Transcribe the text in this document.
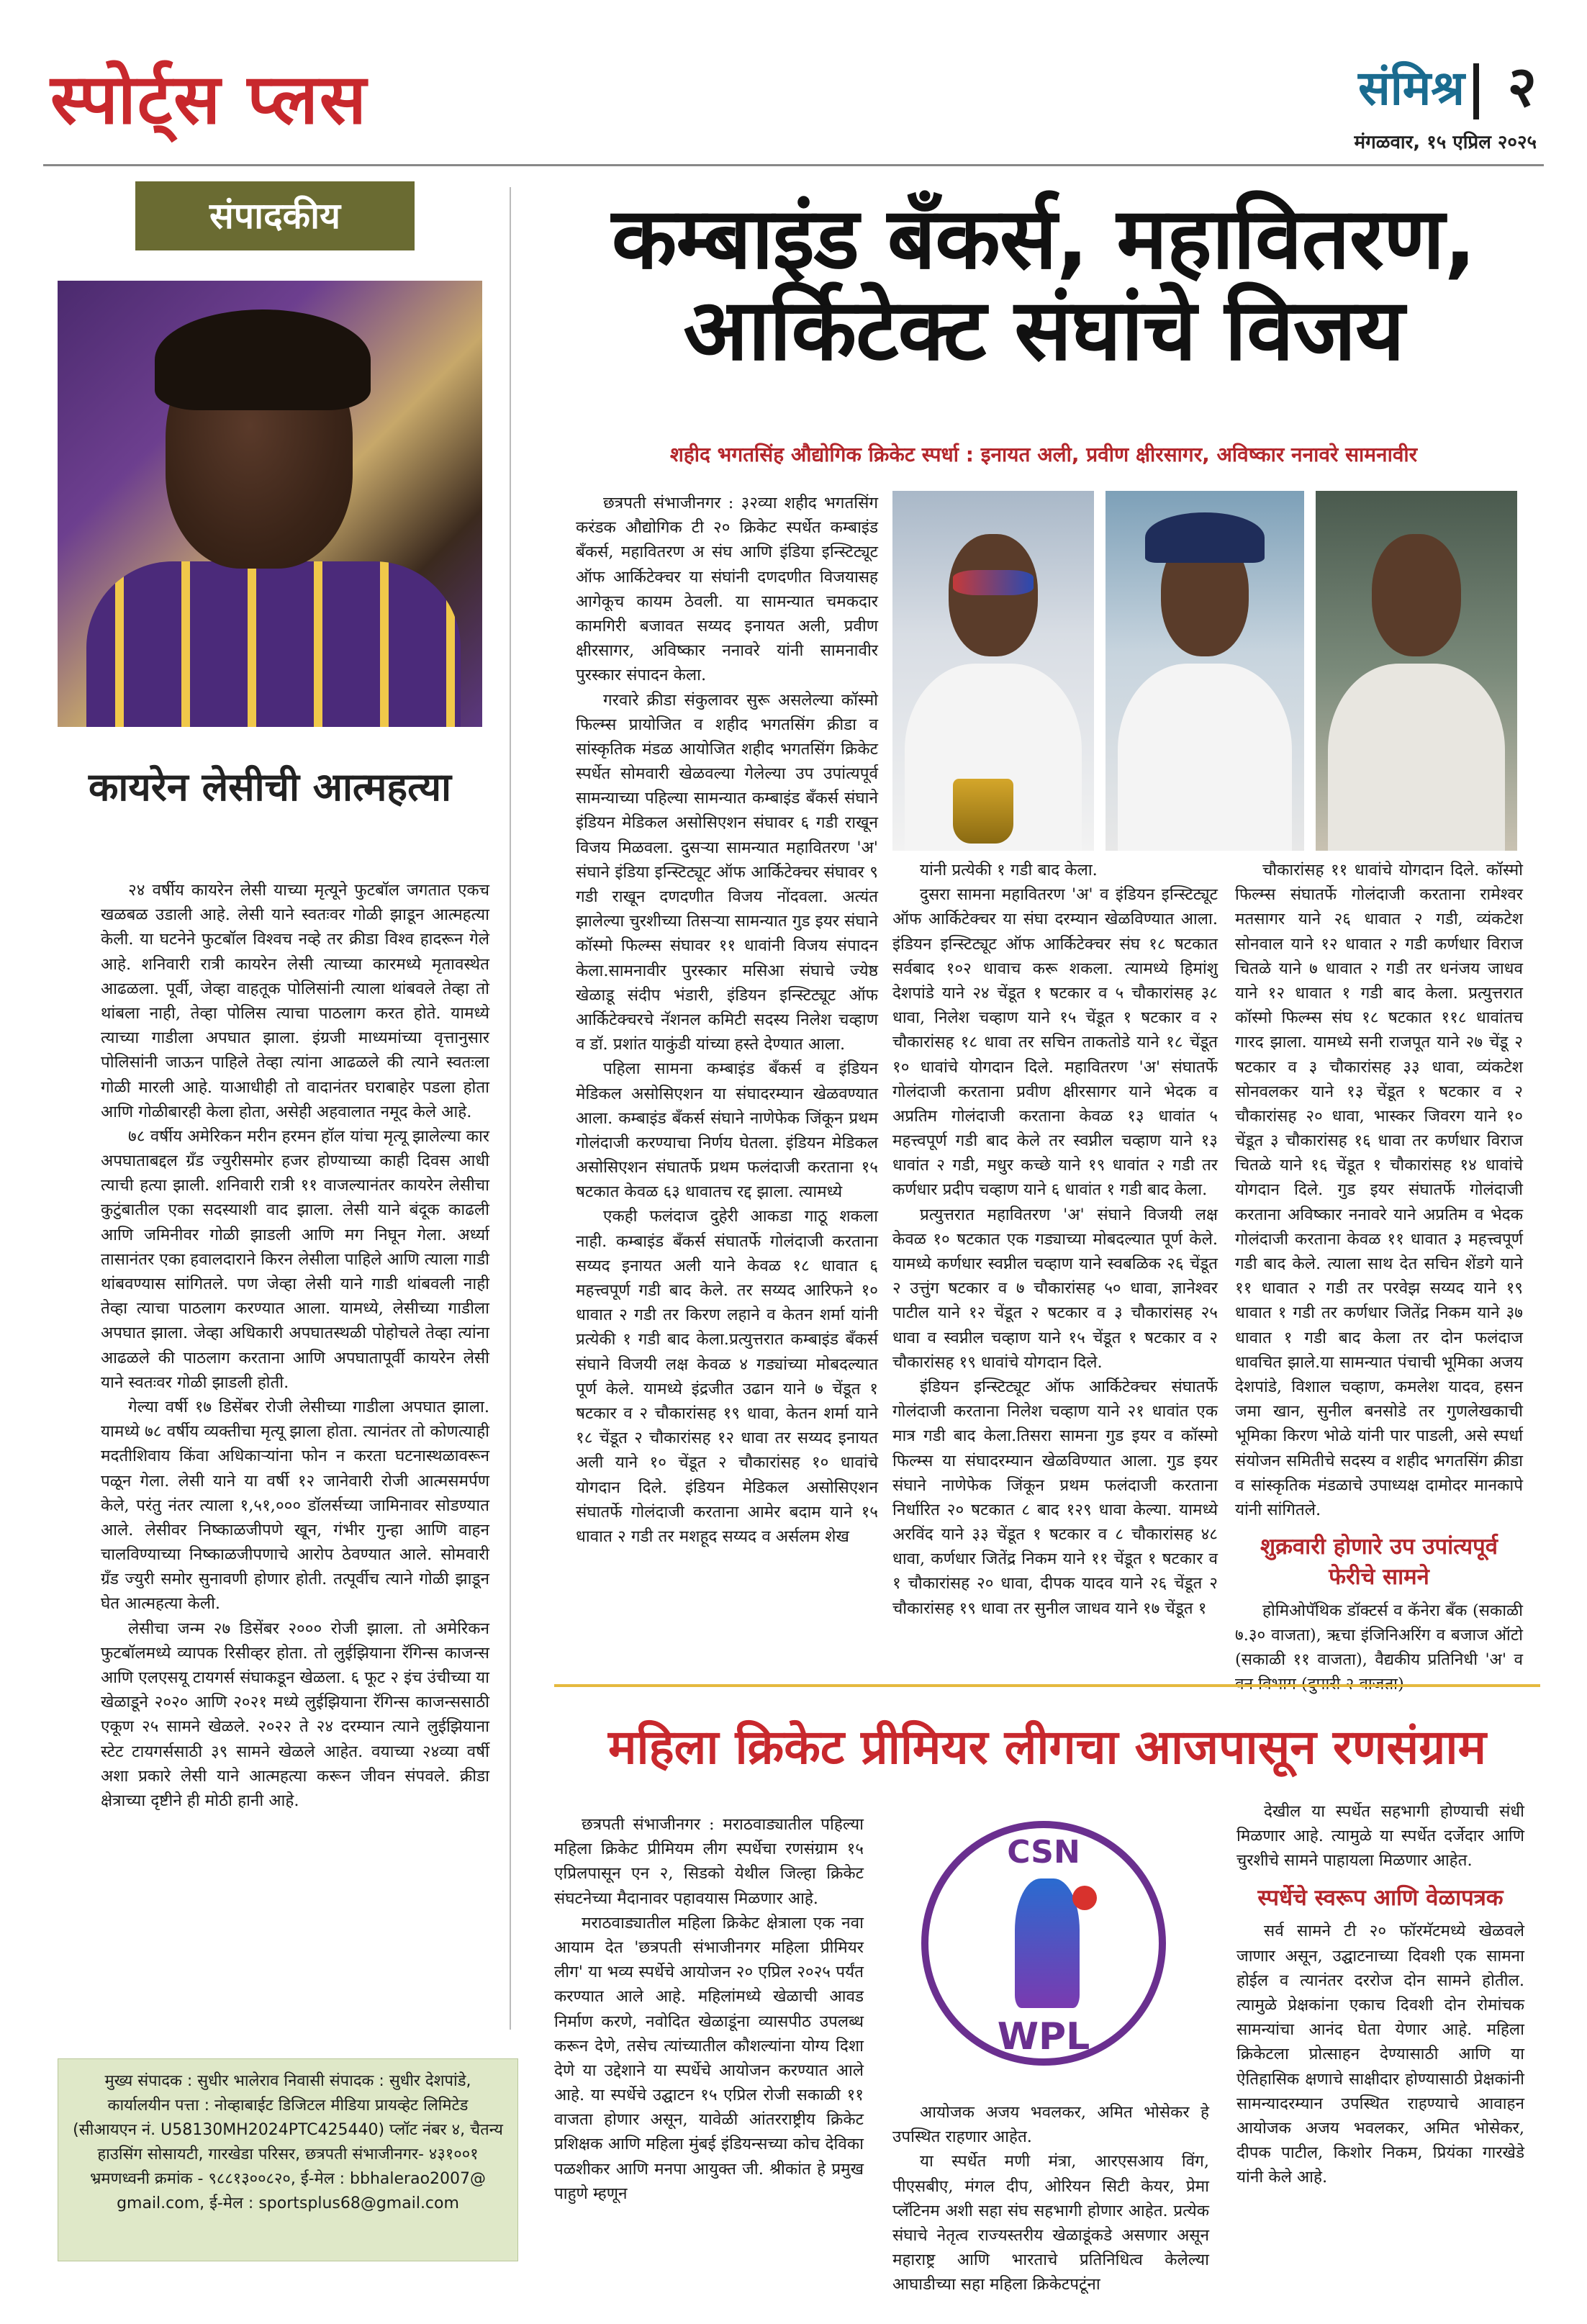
स्पोर्ट्स प्लस	संमिश्र २
मंगळवार, १५ एप्रिल २०२५
संपादकीय
कायरेन लेसीची आत्महत्या

२४ वर्षीय कायरेन लेसी याच्या मृत्यूने फुटबॉल जगतात एकच खळबळ उडाली आहे. लेसी याने स्वतःवर गोळी झाडून आत्महत्या केली. या घटनेने फुटबॉल विश्वच नव्हे तर क्रीडा विश्व हादरून गेले आहे. शनिवारी रात्री कायरेन लेसी त्याच्या कारमध्ये मृतावस्थेत आढळला. पूर्वी, जेव्हा वाहतूक पोलिसांनी त्याला थांबवले तेव्हा तो थांबला नाही, तेव्हा पोलिस त्याचा पाठलाग करत होते. यामध्ये त्याच्या गाडीला अपघात झाला. इंग्रजी माध्यमांच्या वृत्तानुसार पोलिसांनी जाऊन पाहिले तेव्हा त्यांना आढळले की त्याने स्वतःला गोळी मारली आहे. याआधीही तो वादानंतर घराबाहेर पडला होता आणि गोळीबारही केला होता, असेही अहवालात नमूद केले आहे.

७८ वर्षीय अमेरिकन मरीन हरमन हॉल यांचा मृत्यू झालेल्या कार अपघाताबद्दल ग्रँड ज्युरीसमोर हजर होण्याच्या काही दिवस आधी त्याची हत्या झाली. शनिवारी रात्री ११ वाजल्यानंतर कायरेन लेसीचा कुटुंबातील एका सदस्याशी वाद झाला. लेसी याने बंदूक काढली आणि जमिनीवर गोळी झाडली आणि मग निघून गेला. अर्ध्या तासानंतर एका हवालदाराने किरन लेसीला पाहिले आणि त्याला गाडी थांबवण्यास सांगितले. पण जेव्हा लेसी याने गाडी थांबवली नाही तेव्हा त्याचा पाठलाग करण्यात आला. यामध्ये, लेसीच्या गाडीला अपघात झाला. जेव्हा अधिकारी अपघातस्थळी पोहोचले तेव्हा त्यांना आढळले की पाठलाग करताना आणि अपघातापूर्वी कायरेन लेसी याने स्वतःवर गोळी झाडली होती.

गेल्या वर्षी १७ डिसेंबर रोजी लेसीच्या गाडीला अपघात झाला. यामध्ये ७८ वर्षीय व्यक्तीचा मृत्यू झाला होता. त्यानंतर तो कोणत्याही मदतीशिवाय किंवा अधिकाऱ्यांना फोन न करता घटनास्थळावरून पळून गेला. लेसी याने या वर्षी १२ जानेवारी रोजी आत्मसमर्पण केले, परंतु नंतर त्याला १,५१,००० डॉलर्सच्या जामिनावर सोडण्यात आले. लेसीवर निष्काळजीपणे खून, गंभीर गुन्हा आणि वाहन चालविण्याच्या निष्काळजीपणाचे आरोप ठेवण्यात आले. सोमवारी ग्रँड ज्युरी समोर सुनावणी होणार होती. तत्पूर्वीच त्याने गोळी झाडून घेत आत्महत्या केली.

लेसीचा जन्म २७ डिसेंबर २००० रोजी झाला. तो अमेरिकन फुटबॉलमध्ये व्यापक रिसीव्हर होता. तो लुईझियाना रॅगिन्स काजन्स आणि एलएसयू टायगर्स संघाकडून खेळला. ६ फूट २ इंच उंचीच्या या खेळाडूने २०२० आणि २०२१ मध्ये लुईझियाना रॅगिन्स काजन्ससाठी एकूण २५ सामने खेळले. २०२२ ते २४ दरम्यान त्याने लुईझियाना स्टेट टायगर्ससाठी ३९ सामने खेळले आहेत. वयाच्या २४व्या वर्षी अशा प्रकारे लेसी याने आत्महत्या करून जीवन संपवले. क्रीडा क्षेत्राच्या दृष्टीने ही मोठी हानी आहे.

मुख्य संपादक : सुधीर भालेराव निवासी संपादक : सुधीर देशपांडे,
कार्यालयीन पत्ता : नोव्हाबाईट डिजिटल मीडिया प्रायव्हेट लिमिटेड
(सीआयएन नं. U58130MH2024PTC425440) प्लॉट नंबर ४, चैतन्य
हाउसिंग सोसायटी, गारखेडा परिसर, छत्रपती संभाजीनगर- ४३१००१
भ्रमणध्वनी क्रमांक - ९८८१३००८२०, ई-मेल : bbhalerao2007@
gmail.com, ई-मेल : sportsplus68@gmail.com
कम्बाइंड बँकर्स, महावितरण,
आर्किटेक्ट संघांचे विजय
शहीद भगतसिंह औद्योगिक क्रिकेट स्पर्धा : इनायत अली, प्रवीण क्षीरसागर, अविष्कार ननावरे सामनावीर

छत्रपती संभाजीनगर : ३२व्या शहीद भगतसिंग करंडक औद्योगिक टी २० क्रिकेट स्पर्धेत कम्बाइंड बँकर्स, महावितरण अ संघ आणि इंडिया इन्स्टिट्यूट ऑफ आर्किटेक्चर या संघांनी दणदणीत विजयासह आगेकूच कायम ठेवली. या सामन्यात चमकदार कामगिरी बजावत सय्यद इनायत अली, प्रवीण क्षीरसागर, अविष्कार ननावरे यांनी सामनावीर पुरस्कार संपादन केला.

गरवारे क्रीडा संकुलावर सुरू असलेल्या कॉस्मो फिल्म्स प्रायोजित व शहीद भगतसिंग क्रीडा व सांस्कृतिक मंडळ आयोजित शहीद भगतसिंग क्रिकेट स्पर्धेत सोमवारी खेळवल्या गेलेल्या उप उपांत्यपूर्व सामन्याच्या पहिल्या सामन्यात कम्बाइंड बँकर्स संघाने इंडियन मेडिकल असोसिएशन संघावर ६ गडी राखून विजय मिळवला. दुसऱ्या सामन्यात महावितरण 'अ' संघाने इंडिया इन्स्टिट्यूट ऑफ आर्किटेक्चर संघावर ९ गडी राखून दणदणीत विजय नोंदवला. अत्यंत झालेल्या चुरशीच्या तिसऱ्या सामन्यात गुड इयर संघाने कॉस्मो फिल्म्स संघावर ११ धावांनी विजय संपादन केला.सामनावीर पुरस्कार मसिआ संघाचे ज्येष्ठ खेळाडू संदीप भंडारी, इंडियन इन्स्टिट्यूट ऑफ आर्किटेक्चरचे नॅशनल कमिटी सदस्य निलेश चव्हाण व डॉ. प्रशांत याकुंडी यांच्या हस्ते देण्यात आला.

पहिला सामना कम्बाइंड बँकर्स व इंडियन मेडिकल असोसिएशन या संघादरम्यान खेळवण्यात आला. कम्बाइंड बँकर्स संघाने नाणेफेक जिंकून प्रथम गोलंदाजी करण्याचा निर्णय घेतला. इंडियन मेडिकल असोसिएशन संघातर्फे प्रथम फलंदाजी करताना १५ षटकात केवळ ६३ धावातच रद्द झाला. त्यामध्ये

एकही फलंदाज दुहेरी आकडा गाठू शकला नाही. कम्बाइंड बँकर्स संघातर्फे गोलंदाजी करताना सय्यद इनायत अली याने केवळ १८ धावात ६ महत्त्वपूर्ण गडी बाद केले. तर सय्यद आरिफने १० धावात २ गडी तर किरण लहाने व केतन शर्मा यांनी प्रत्येकी १ गडी बाद केला.प्रत्युत्तरात कम्बाइंड बँकर्स संघाने विजयी लक्ष केवळ ४ गड्यांच्या मोबदल्यात पूर्ण केले. यामध्ये इंद्रजीत उढान याने ७ चेंडूत १ षटकार व २ चौकारांसह १९ धावा, केतन शर्मा याने १८ चेंडूत २ चौकारांसह १२ धावा तर सय्यद इनायत अली याने १० चेंडूत २ चौकारांसह १० धावांचे योगदान दिले. इंडियन मेडिकल असोसिएशन संघातर्फे गोलंदाजी करताना आमेर बदाम याने १५ धावात २ गडी तर मशहूद सय्यद व अर्सलम शेख

यांनी प्रत्येकी १ गडी बाद केला.

दुसरा सामना महावितरण 'अ' व इंडियन इन्स्टिट्यूट ऑफ आर्किटेक्चर या संघा दरम्यान खेळविण्यात आला. इंडियन इन्स्टिट्यूट ऑफ आर्किटेक्चर संघ १८ षटकात सर्वबाद १०२ धावाच करू शकला. त्यामध्ये हिमांशु देशपांडे याने २४ चेंडूत १ षटकार व ५ चौकारांसह ३८ धावा, निलेश चव्हाण याने १५ चेंडूत १ षटकार व २ चौकारांसह १८ धावा तर सचिन ताकतोडे याने १८ चेंडूत १० धावांचे योगदान दिले. महावितरण 'अ' संघातर्फे गोलंदाजी करताना प्रवीण क्षीरसागर याने भेदक व अप्रतिम गोलंदाजी करताना केवळ १३ धावांत ५ महत्त्वपूर्ण गडी बाद केले तर स्वप्नील चव्हाण याने १३ धावांत २ गडी, मधुर कच्छे याने १९ धावांत २ गडी तर कर्णधार प्रदीप चव्हाण याने ६ धावांत १ गडी बाद केला.

प्रत्युत्तरात महावितरण 'अ' संघाने विजयी लक्ष केवळ १० षटकात एक गड्याच्या मोबदल्यात पूर्ण केले. यामध्ये कर्णधार स्वप्नील चव्हाण याने स्वबळिक २६ चेंडूत २ उत्तुंग षटकार व ७ चौकारांसह ५० धावा, ज्ञानेश्वर पाटील याने १२ चेंडूत २ षटकार व ३ चौकारांसह २५ धावा व स्वप्नील चव्हाण याने १५ चेंडूत १ षटकार व २ चौकारांसह १९ धावांचे योगदान दिले.

इंडियन इन्स्टिट्यूट ऑफ आर्किटेक्चर संघातर्फे गोलंदाजी करताना निलेश चव्हाण याने २१ धावांत एक मात्र गडी बाद केला.तिसरा सामना गुड इयर व कॉस्मो फिल्म्स या संघादरम्यान खेळविण्यात आला. गुड इयर संघाने नाणेफेक जिंकून प्रथम फलंदाजी करताना निर्धारित २० षटकात ८ बाद १२९ धावा केल्या. यामध्ये अरविंद याने ३३ चेंडूत १ षटकार व ८ चौकारांसह ४८ धावा, कर्णधार जितेंद्र निकम याने ११ चेंडूत १ षटकार व १ चौकारांसह २० धावा, दीपक यादव याने २६ चेंडूत २ चौकारांसह १९ धावा तर सुनील जाधव याने १७ चेंडूत १

चौकारांसह ११ धावांचे योगदान दिले. कॉस्मो फिल्म्स संघातर्फे गोलंदाजी करताना रामेश्वर मतसागर याने २६ धावात २ गडी, व्यंकटेश सोनवाल याने १२ धावात २ गडी कर्णधार विराज चितळे याने ७ धावात २ गडी तर धनंजय जाधव याने १२ धावात १ गडी बाद केला. प्रत्युत्तरात कॉस्मो फिल्म्स संघ १८ षटकात ११८ धावांतच गारद झाला. यामध्ये सनी राजपूत याने २७ चेंडू २ षटकार व ३ चौकारांसह ३३ धावा, व्यंकटेश सोनवलकर याने १३ चेंडूत १ षटकार व २ चौकारांसह २० धावा, भास्कर जिवरग याने १० चेंडूत ३ चौकारांसह १६ धावा तर कर्णधार विराज चितळे याने १६ चेंडूत १ चौकारांसह १४ धावांचे योगदान दिले. गुड इयर संघातर्फे गोलंदाजी करताना अविष्कार ननावरे याने अप्रतिम व भेदक गोलंदाजी करताना केवळ ११ धावात ३ महत्त्वपूर्ण गडी बाद केले. त्याला साथ देत सचिन शेंडगे याने ११ धावात २ गडी तर परवेझ सय्यद याने १९ धावात १ गडी तर कर्णधार जितेंद्र निकम याने ३७ धावात १ गडी बाद केला तर दोन फलंदाज धावचित झाले.या सामन्यात पंचाची भूमिका अजय देशपांडे, विशाल चव्हाण, कमलेश यादव, हसन जमा खान, सुनील बनसोडे तर गुणलेखकाची भूमिका किरण भोळे यांनी पार पाडली, असे स्पर्धा संयोजन समितीचे सदस्य व शहीद भगतसिंग क्रीडा व सांस्कृतिक मंडळाचे उपाध्यक्ष दामोदर मानकापे यांनी सांगितले.

शुक्रवारी होणारे उप उपांत्यपूर्व फेरीचे सामने

होमिओपॅथिक डॉक्टर्स व कॅनेरा बँक (सकाळी ७.३० वाजता), ऋचा इंजिनिअरिंग व बजाज ऑटो (सकाळी ११ वाजता), वैद्यकीय प्रतिनिधी 'अ' व

महिला क्रिकेट प्रीमियर लीगचा आजपासून रणसंग्राम

छत्रपती संभाजीनगर : मराठवाड्यातील पहिल्या महिला क्रिकेट प्रीमियम लीग स्पर्धेचा रणसंग्राम १५ एप्रिलपासून एन २, सिडको येथील जिल्हा क्रिकेट संघटनेच्या मैदानावर पहावयास मिळणार आहे.

मराठवाड्यातील महिला क्रिकेट क्षेत्राला एक नवा आयाम देत 'छत्रपती संभाजीनगर महिला प्रीमियर लीग' या भव्य स्पर्धेचे आयोजन २० एप्रिल २०२५ पर्यंत करण्यात आले आहे. महिलांमध्ये खेळाची आवड निर्माण करणे, नवोदित खेळाडूंना व्यासपीठ उपलब्ध करून देणे, तसेच त्यांच्यातील कौशल्यांना योग्य दिशा देणे या उद्देशाने या स्पर्धेचे आयोजन करण्यात आले आहे. या स्पर्धेचे उद्घाटन १५ एप्रिल रोजी सकाळी ११ वाजता होणार असून, यावेळी आंतरराष्ट्रीय क्रिकेट प्रशिक्षक आणि महिला मुंबई इंडियन्सच्या कोच देविका पळशीकर आणि मनपा आयुक्त जी. श्रीकांत हे प्रमुख पाहुणे म्हणून

CSN
WPL

आयोजक अजय भवलकर, अमित भोसेकर हे उपस्थित राहणार आहेत.

या स्पर्धेत मणी मंत्रा, आरएसआय विंग, पीएसबीए, मंगल दीप, ओरियन सिटी केयर, प्रेमा प्लॅटिनम अशी सहा संघ सहभागी होणार आहेत. प्रत्येक संघाचे नेतृत्व राज्यस्तरीय खेळाडूंकडे असणार असून महाराष्ट्र आणि भारताचे प्रतिनिधित्व केलेल्या आघाडीच्या सहा महिला क्रिकेटपटूंना

देखील या स्पर्धेत सहभागी होण्याची संधी मिळणार आहे. त्यामुळे या स्पर्धेत दर्जेदार आणि चुरशीचे सामने पाहायला मिळणार आहेत.

स्पर्धेचे स्वरूप आणि वेळापत्रक

सर्व सामने टी २० फॉरमॅटमध्ये खेळवले जाणार असून, उद्घाटनाच्या दिवशी एक सामना होईल व त्यानंतर दररोज दोन सामने होतील. त्यामुळे प्रेक्षकांना एकाच दिवशी दोन रोमांचक सामन्यांचा आनंद घेता येणार आहे. महिला क्रिकेटला प्रोत्साहन देण्यासाठी आणि या ऐतिहासिक क्षणाचे साक्षीदार होण्यासाठी प्रेक्षकांनी सामन्यादरम्यान उपस्थित राहण्याचे आवाहन आयोजक अजय भवलकर, अमित भोसेकर, दीपक पाटील, किशोर निकम, प्रियंका गारखेडे यांनी केले आहे.
